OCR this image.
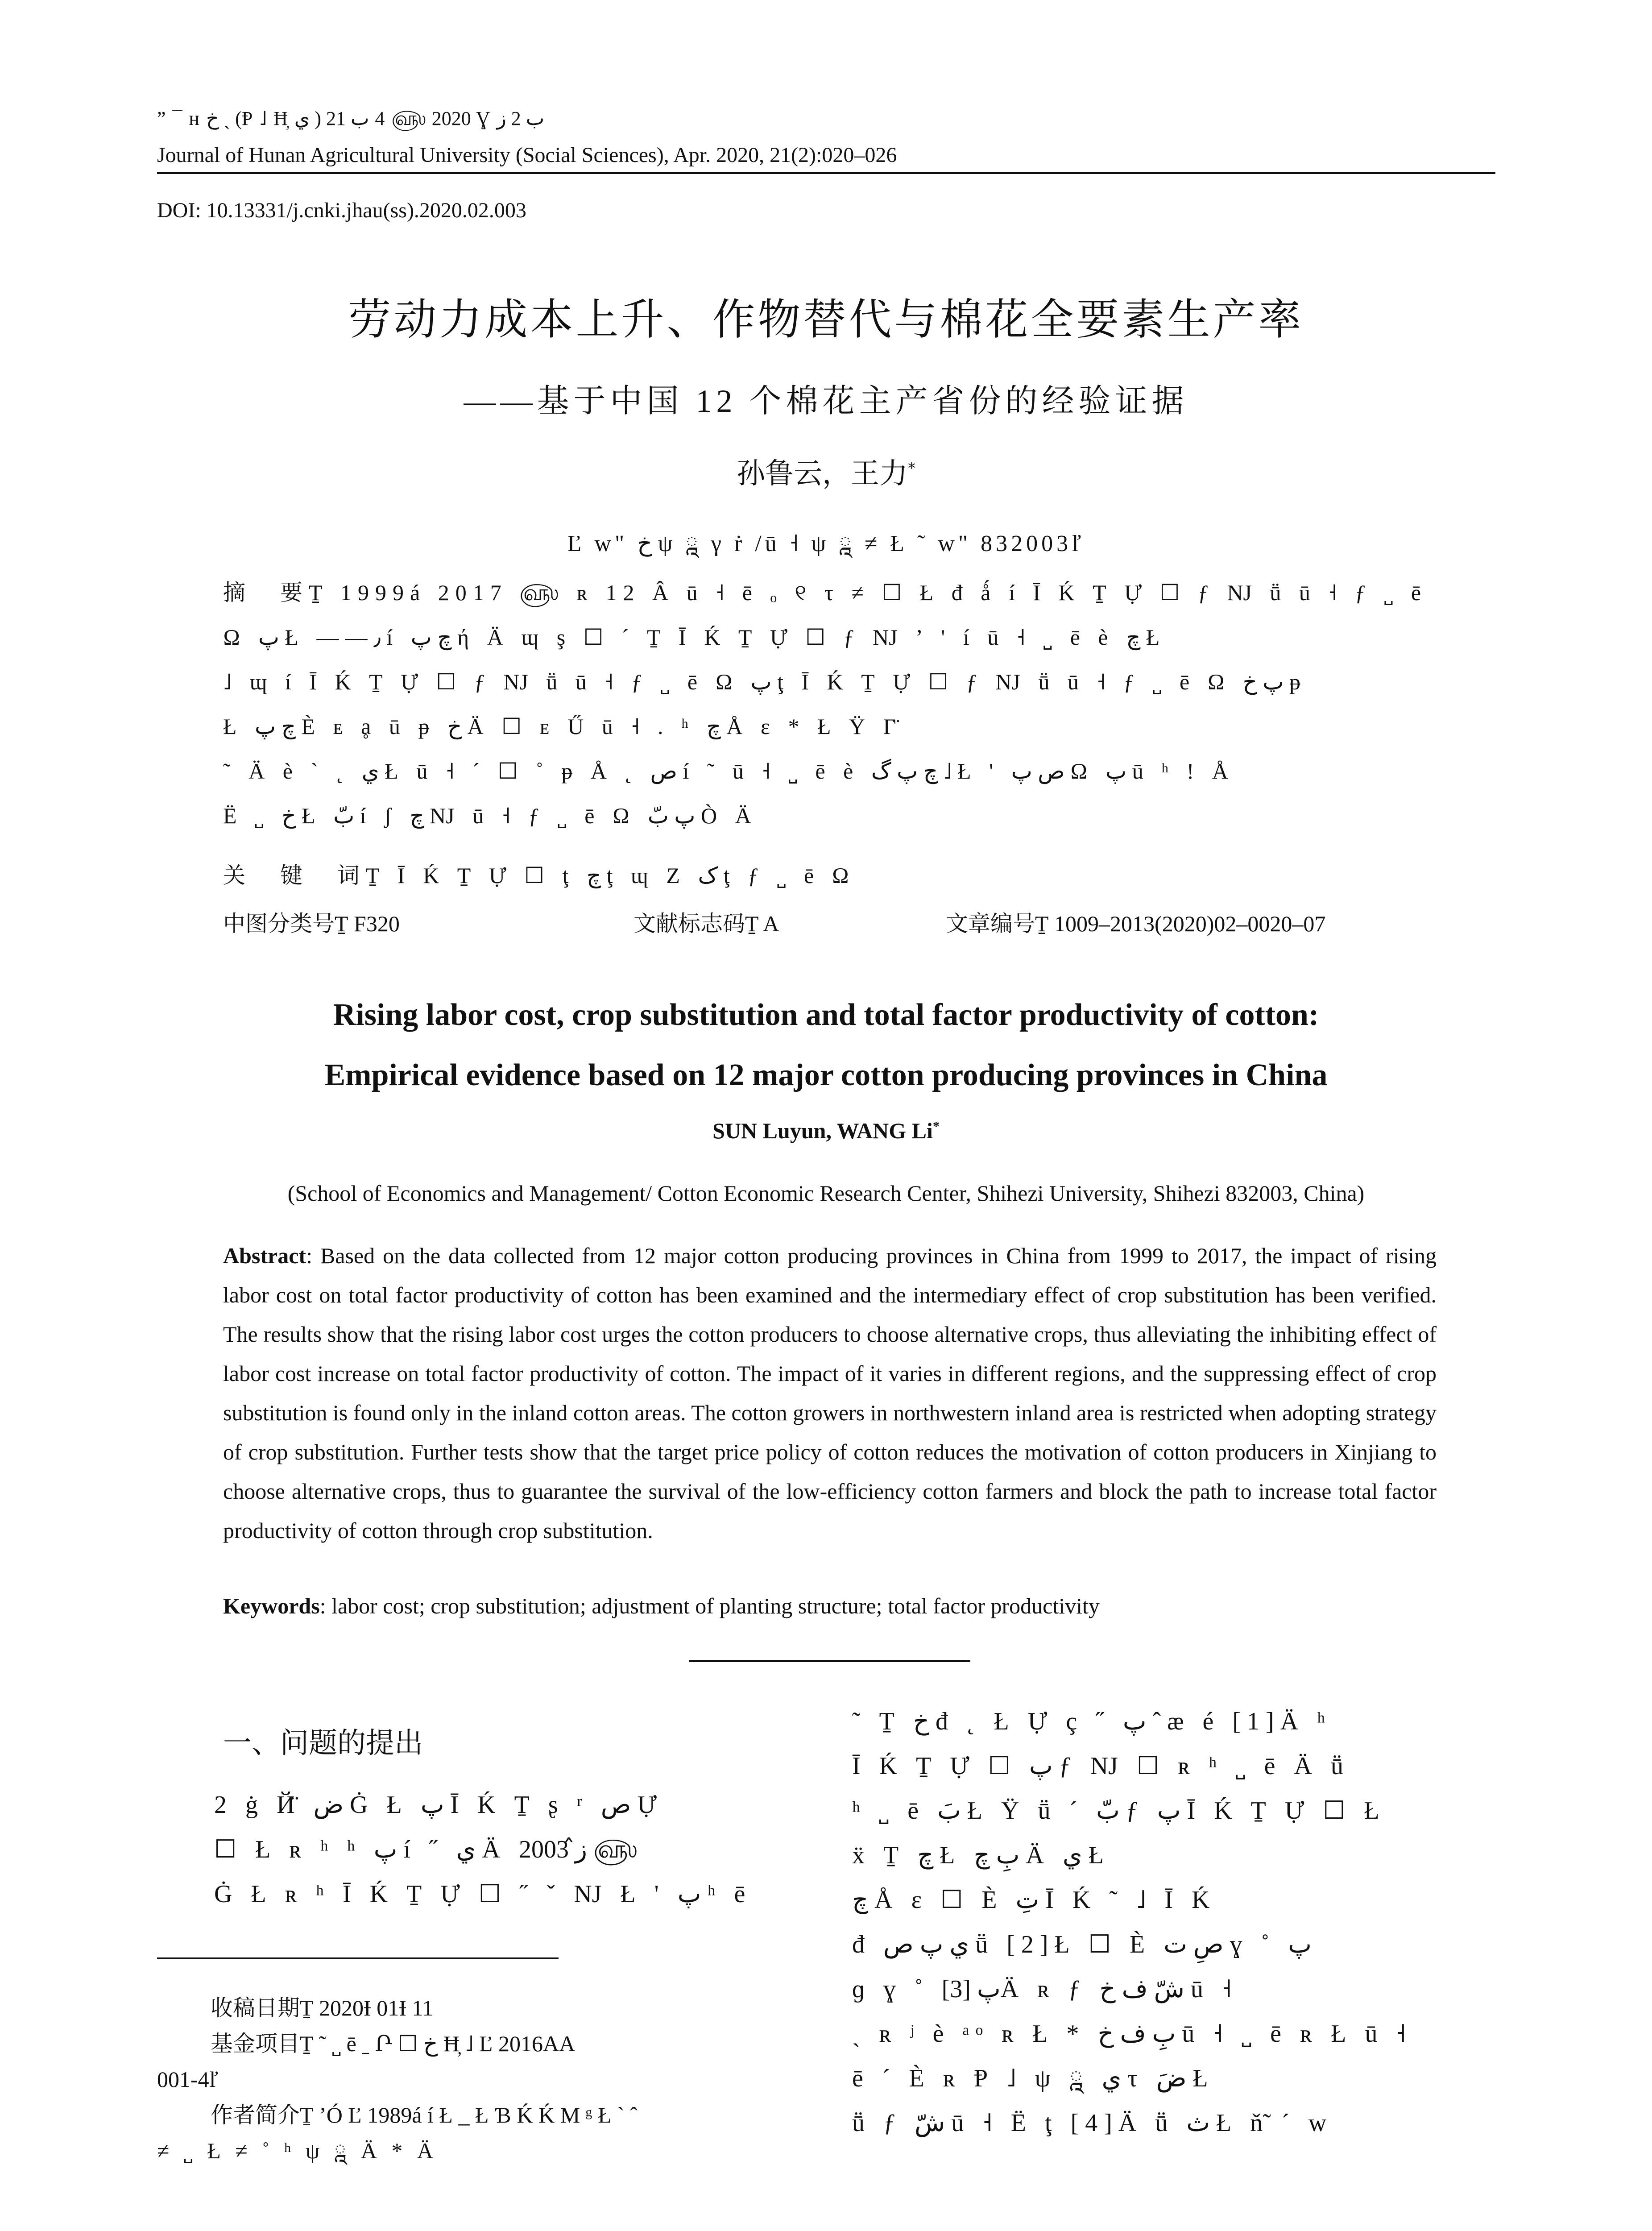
” ¯ ʜ خ ˏ (Ᵽ ˩ Ħ̦ ي ) 2020 ௵ 4 ب 21 Ɣ ب 2 ز
Journal of Hunan Agricultural University (Social Sciences), Apr. 2020, 21(2):020–026
DOI: 10.13331/j.cnki.jhau(ss).2020.02.003
劳动力成本上升、作物替代与棉花全要素生产率
——基于中国 12 个棉花主产省份的经验证据
孙鲁云，王力*
Ľ w" خ ψ ྰ γ ṙ /ū ˧ ψ ྰ ≠ Ł ˜ w" 832003ľ
摘　要Ṯ 1999á 2017 ௵ ʀ 12 Â ū ˧ ē ₒ ୧ τ ≠ ☐ Ł đ ǻ í Ī Ḱ Ṯ Ự ☐ ƒ Ǌ ṻ ū ˧ ƒ ˽ ē
Ω پ Ł ——٫ í چ پ ή Ä ɰ ş ☐ ´ Ṯ Ī Ḱ Ṯ Ự ☐ ƒ Ǌ ʼ ' í ū ˧ ˽ ē è چ Ł
˩ ɰ í Ī Ḱ Ṯ Ự ☐ ƒ Ǌ ṻ ū ˧ ƒ ˽ ē Ω پ ţ Ī Ḱ Ṯ Ự ☐ ƒ Ǌ ṻ ū ˧ ƒ ˽ ē Ω پ خ ᵽ
Ł چ پ È ᴇ ḁ ū ᵽ خ Ä ☐ ᴇ Ű ū ˧ . ʰ چ Å ε * Ł Ÿ Γ̈
˜ Ä è ˋ ˛ ي Ł ū ˧ ´ ☐ ˚ ᵽ Å ˛ ص í ˜ ū ˧ ˽ ē è چ پ گ ˩ Ł ' ص پ Ω پ ū ʰ ! Å
Ë ˽ خ Ł بّ í ʃ چ Ǌ ū ˧ ƒ ˽ ē Ω پ بّ Ò Ä
关　键　词Ṯ Ī Ḱ Ṯ Ự ☐ ţ چ ţ ɰ Z ک ţ ƒ ˽ ē Ω
中图分类号Ṯ F320	文献标志码Ṯ A	文章编号Ṯ 1009–2013(2020)02–0020–07
Rising labor cost, crop substitution and total factor productivity of cotton:
Empirical evidence based on 12 major cotton producing provinces in China
SUN Luyun, WANG Li*
(School of Economics and Management/ Cotton Economic Research Center, Shihezi University, Shihezi 832003, China)
Abstract: Based on the data collected from 12 major cotton producing provinces in China from 1999 to 2017, the impact of rising labor cost on total factor productivity of cotton has been examined and the intermediary effect of crop substitution has been verified. The results show that the rising labor cost urges the cotton producers to choose alternative crops, thus alleviating the inhibiting effect of labor cost increase on total factor productivity of cotton. The impact of it varies in different regions, and the suppressing effect of crop substitution is found only in the inland cotton areas. The cotton growers in northwestern inland area is restricted when adopting strategy of crop substitution. Further tests show that the target price policy of cotton reduces the motivation of cotton producers in Xinjiang to choose alternative crops, thus to guarantee the survival of the low-efficiency cotton farmers and block the path to increase total factor productivity of cotton through crop substitution.
Keywords: labor cost; crop substitution; adjustment of planting structure; total factor productivity
一、问题的提出
2 ġ Й̈ ض Ġ Ł پ Ī Ḱ Ṯ ʂ ʳ ص Ự
☐ Ł ʀ ʰ ʰ پ í ˝ ي Ä ز̂ 2003 ௵
Ġ Ł ʀ ʰ Ī Ḱ Ṯ Ự ☐ ˝ ˇ Ǌ Ł ' پ ʰ ē
收稿日期Ṯ 2020Ɨ 01Ɨ 11
基金项目Ṯ ˜ ˽ ē ˍ Ր ☐ خ Ħ̦ ˩ Ľ 2016AA
001-4ľ
作者简介Ṯ ʼÓ Ľ 1989á í Ł _ Ł Ɓ Ḱ Ḱ Μ ᵍ Ł ˋ ˆ
≠ ˽ Ł ≠ ˚ ʰ ψ ྰ Ä * Ä
˜ Ṯ خ đ ˛ Ł Ự ç ˝ پ ˆ æ é [1]Ä ʰ
Ī Ḱ Ṯ Ự ☐ پ ƒ Ǌ ☐ ʀ ʰ ˽ ē Ä ṻ
ʰ ˽ ē بَ Ł Ÿ ṻ ´ بّ ƒ پ Ī Ḱ Ṯ Ự ☐ Ł
ẍ Ṯ چ Ł بِ چ Ä ي Ł
چ Å ε ☐ È تِ Ī Ḱ ˜ ˩ Ī Ḱ
đ ي پ ص ṻ [2]Ł ☐ È صِ ت ɣ ˚ پ
ɡ ɣ ˚ پ [3]Ä ʀ ƒ شّ ف خ ū ˧
ˏ ʀ ʲ è ᵃᵒ ʀ Ł * بِ ف خ ū ˧ ˽ ē ʀ Ł ū ˧
ē ´ È ʀ Ᵽ ˩ ψ ྰ ي τ ضَ Ł
ṻ ƒ شّ ū ˧ Ë ţ [4]Ä ṻ ث Ł ň̃ ´ w
